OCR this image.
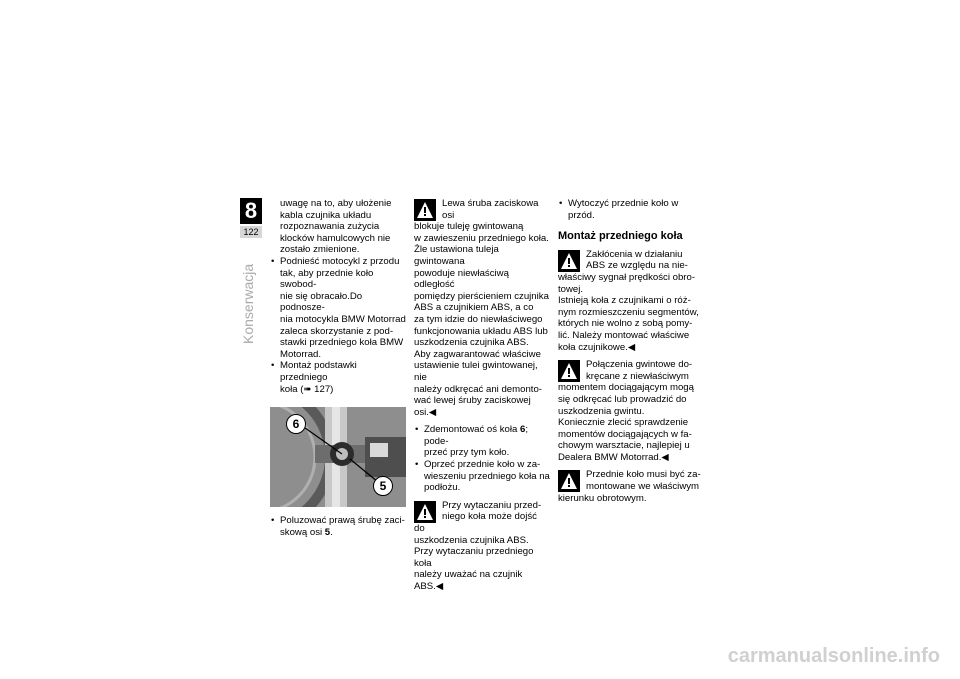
8
122
Konserwacja

uwagę na to, aby ułożenie

kabla czujnika układu

rozpoznawania zużycia

klocków hamulcowych nie

zostało zmienione.

• Podnieść motocykl z przodu

tak, aby przednie koło swobod-

nie się obracało.Do podnosze-

nia motocykla BMW Motorrad

zaleca skorzystanie z pod-

stawki przedniego koła BMW

Motorrad.

• Montaż podstawki przedniego

koła (➠ 127)

6
5

• Poluzować prawą śrubę zaci-

skową osi 5.

Lewa śruba zaciskowa osi

blokuje tuleję gwintowaną

w zawieszeniu przedniego koła.

Źle ustawiona tuleja gwintowana

powoduje niewłaściwą odległość

pomiędzy pierścieniem czujnika

ABS a czujnikiem ABS, a co

za tym idzie do niewłaściwego

funkcjonowania układu ABS lub

uszkodzenia czujnika ABS.

Aby zagwarantować właściwe

ustawienie tulei gwintowanej, nie

należy odkręcać ani demonto-

wać lewej śruby zaciskowej osi.◀

• Zdemontować oś koła 6; pode-

przeć przy tym koło.

• Oprzeć przednie koło w za-

wieszeniu przedniego koła na

podłożu.

Przy wytaczaniu przed-

niego koła może dojść do

uszkodzenia czujnika ABS.

Przy wytaczaniu przedniego koła

należy uważać na czujnik ABS.◀

• Wytoczyć przednie koło w

przód.

Montaż przedniego koła

Zakłócenia w działaniu

ABS ze względu na nie-

właściwy sygnał prędkości obro-

towej.

Istnieją koła z czujnikami o róż-

nym rozmieszczeniu segmentów,

których nie wolno z sobą pomy-

lić. Należy montować właściwe

koła czujnikowe.◀

Połączenia gwintowe do-

kręcane z niewłaściwym

momentem dociągającym mogą

się odkręcać lub prowadzić do

uszkodzenia gwintu.

Koniecznie zlecić sprawdzenie

momentów dociągających w fa-

chowym warsztacie, najlepiej u

Dealera BMW Motorrad.◀

Przednie koło musi być za-

montowane we właściwym

kierunku obrotowym.

carmanualsonline.info
